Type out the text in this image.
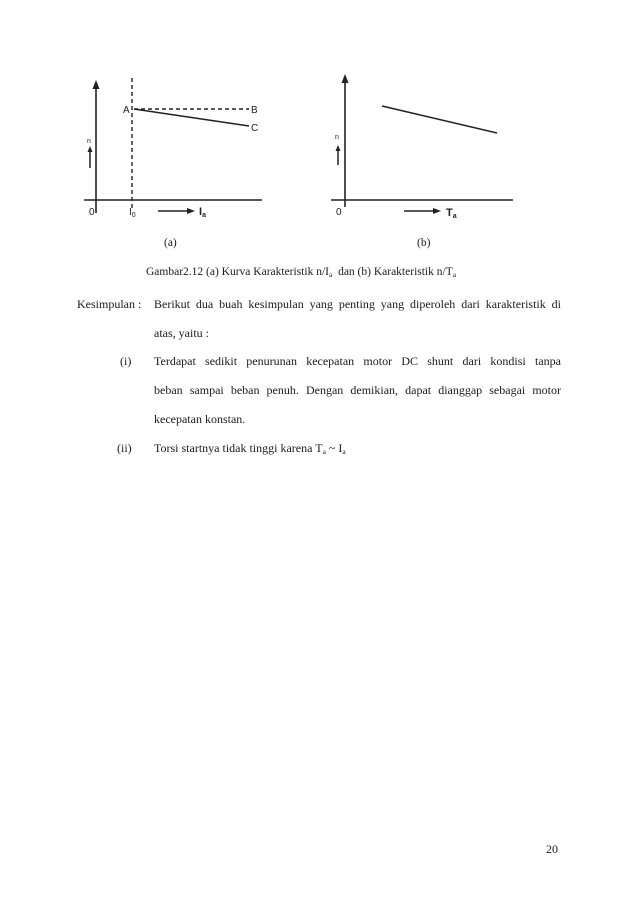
n
A	B
C
0	$I_0$	Ia
n
0	Ta
(a)	(b)
Gambar2.12 (a) Kurva Karakteristik $n/I_a$  dan (b) Karakteristik $n/T_a$
Kesimpulan : Berikut dua buah kesimpulan yang penting yang diperoleh dari karakteristik di
atas, yaitu :
(i) Terdapat sedikit penurunan kecepatan motor DC shunt dari kondisi tanpa
beban sampai beban penuh. Dengan demikian, dapat dianggap sebagai motor
kecepatan konstan.
(ii) Torsi startnya tidak tinggi karena $T_a$ ~ $I_a$
20
